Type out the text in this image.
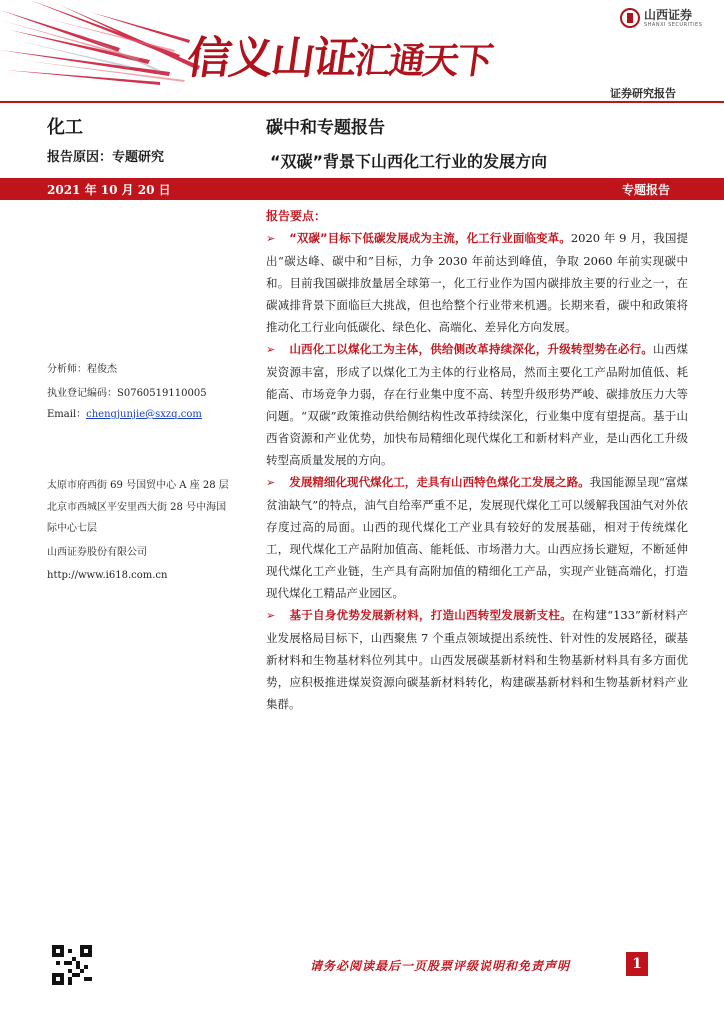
信义山证汇通天下
山西证券
SHANXI SECURITIES
证券研究报告
化工	碳中和专题报告
报告原因：专题研究	“双碳”背景下山西化工行业的发展方向
2021 年 10 月 20 日	专题报告
分析师：程俊杰
执业登记编码：S0760519110005
Email：chengjunjie@sxzq.com
太原市府西街 69 号国贸中心 A 座 28 层
北京市西城区平安里西大街 28 号中海国
际中心七层
山西证券股份有限公司
http://www.i618.com.cn
报告要点：

➢ “双碳”目标下低碳发展成为主流，化工行业面临变革。2020 年 9 月，我国提出“碳达峰、碳中和”目标，力争 2030 年前达到峰值，争取 2060 年前实现碳中和。目前我国碳排放量居全球第一，化工行业作为国内碳排放主要的行业之一，在碳减排背景下面临巨大挑战，但也给整个行业带来机遇。长期来看，碳中和政策将推动化工行业向低碳化、绿色化、高端化、差异化方向发展。

➢ 山西化工以煤化工为主体，供给侧改革持续深化，升级转型势在必行。山西煤炭资源丰富，形成了以煤化工为主体的行业格局，然而主要化工产品附加值低、耗能高、市场竞争力弱，存在行业集中度不高、转型升级形势严峻、碳排放压力大等问题。“双碳”政策推动供给侧结构性改革持续深化，行业集中度有望提高。基于山西省资源和产业优势，加快布局精细化现代煤化工和新材料产业，是山西化工升级转型高质量发展的方向。

➢ 发展精细化现代煤化工，走具有山西特色煤化工发展之路。我国能源呈现“富煤贫油缺气”的特点，油气自给率严重不足，发展现代煤化工可以缓解我国油气对外依存度过高的局面。山西的现代煤化工产业具有较好的发展基础，相对于传统煤化工，现代煤化工产品附加值高、能耗低、市场潜力大。山西应扬长避短，不断延伸现代煤化工产业链，生产具有高附加值的精细化工产品，实现产业链高端化，打造现代煤化工精品产业园区。

➢ 基于自身优势发展新材料，打造山西转型发展新支柱。在构建“133”新材料产业发展格局目标下，山西聚焦 7 个重点领域提出系统性、针对性的发展路径，碳基新材料和生物基材料位列其中。山西发展碳基新材料和生物基新材料具有多方面优势，应积极推进煤炭资源向碳基新材料转化，构建碳基新材料和生物基新材料产业集群。

请务必阅读最后一页股票评级说明和免责声明	1
